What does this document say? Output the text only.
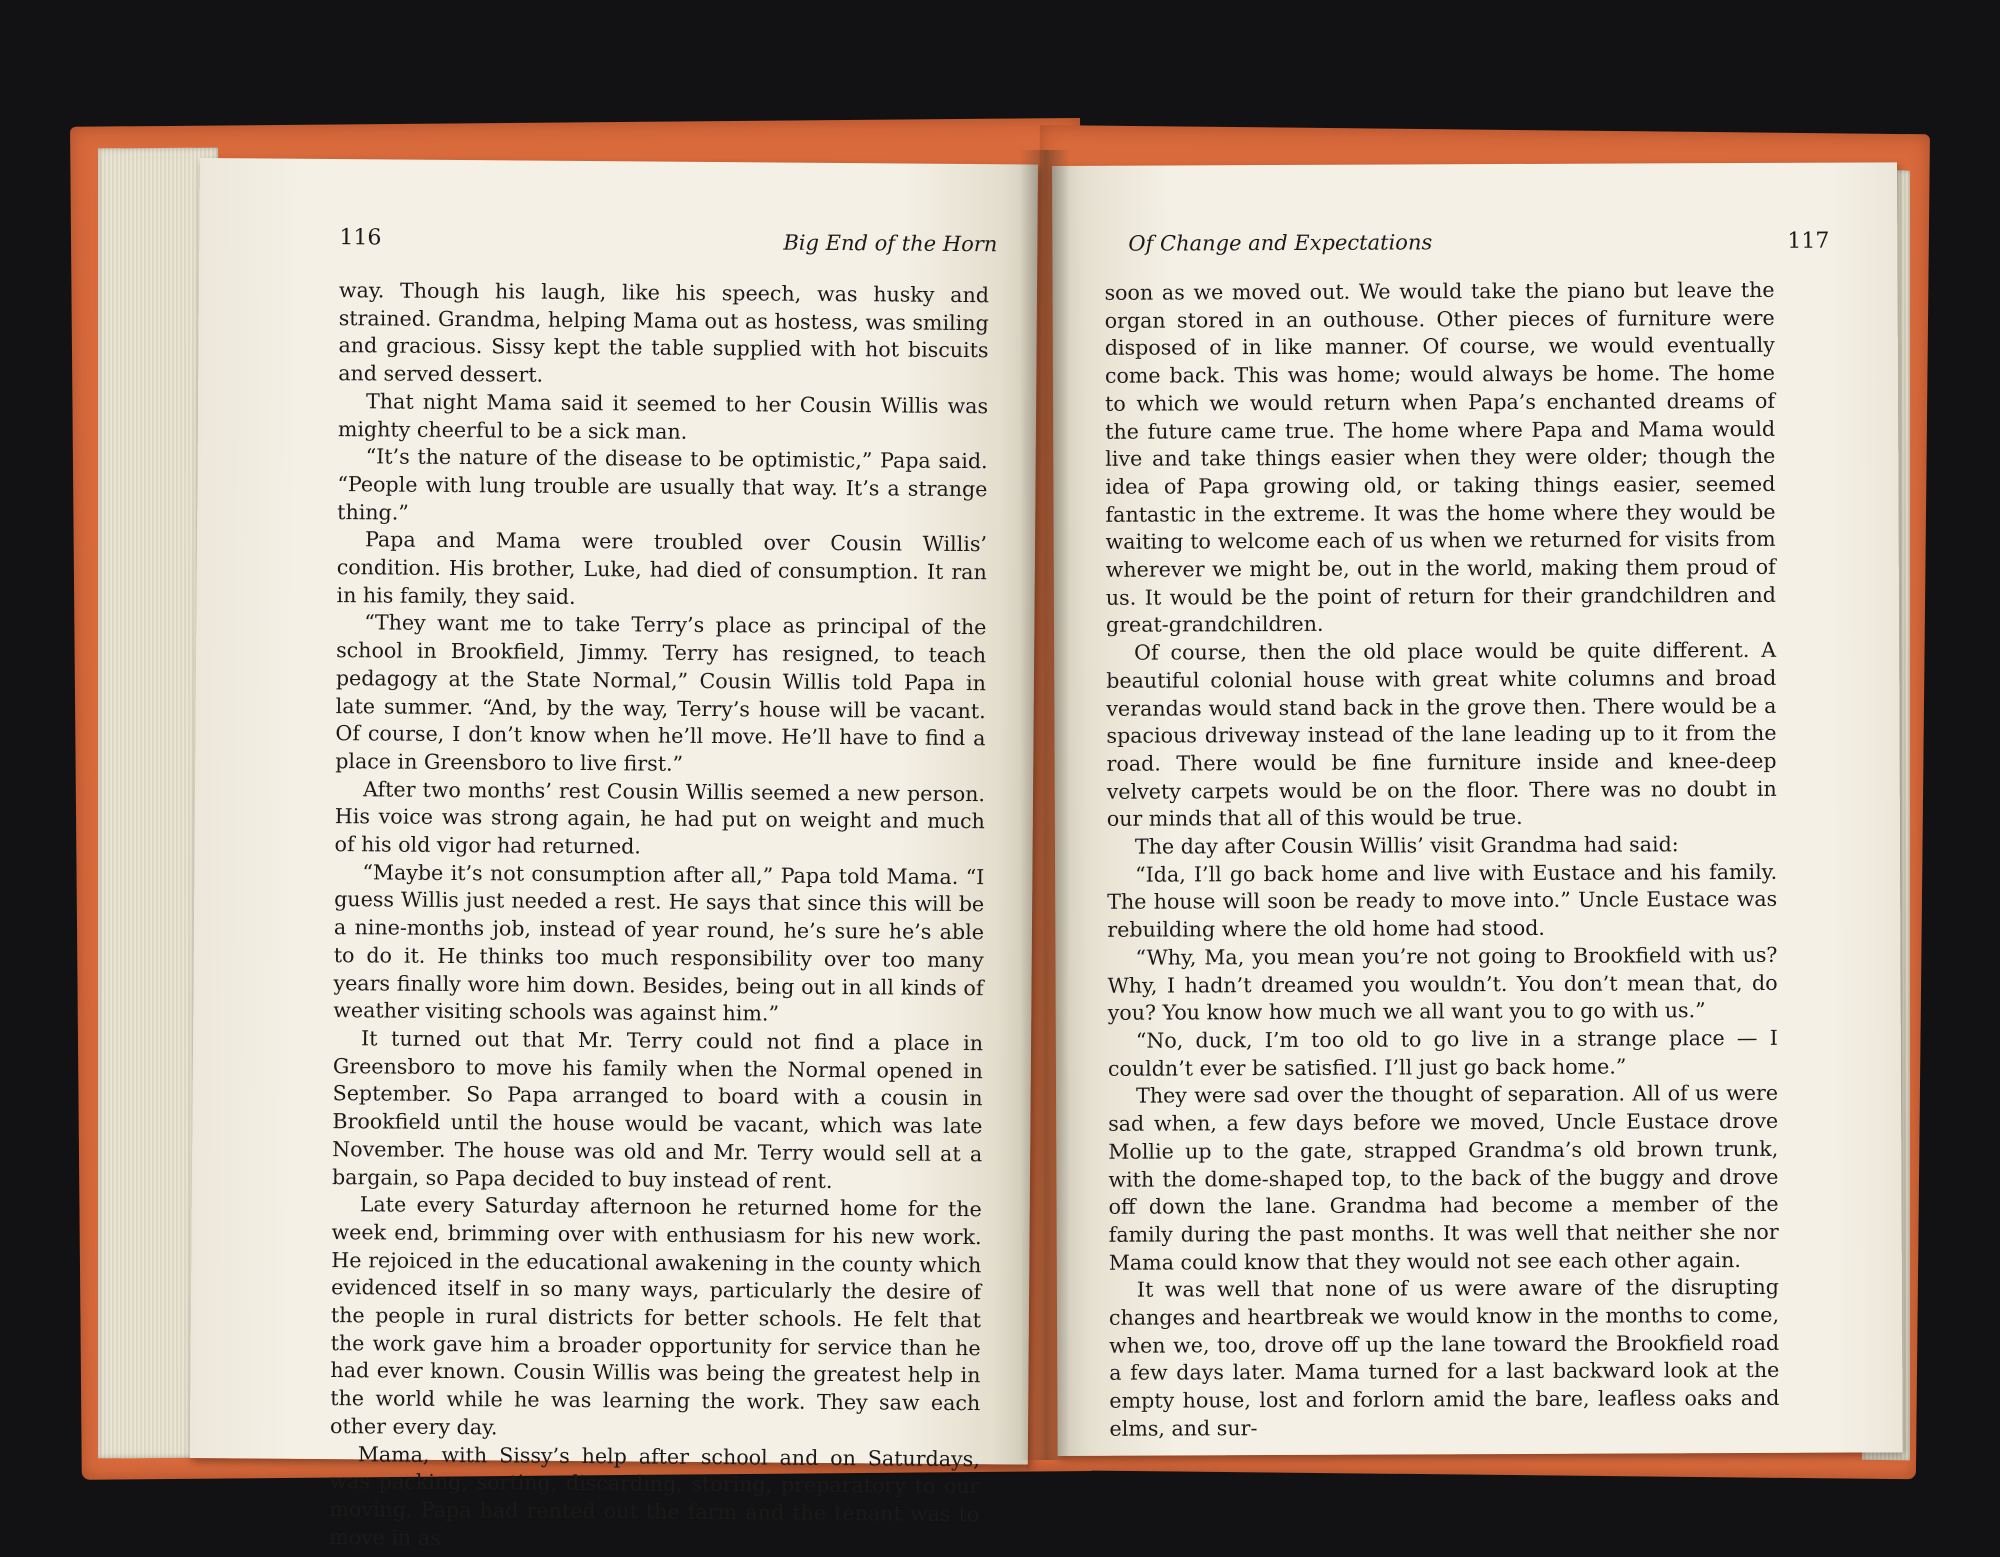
116	Big End of the Horn

way. Though his laugh, like his speech, was husky and strained. Grandma, helping Mama out as hostess, was smiling and gracious. Sissy kept the table supplied with hot biscuits and served dessert.

That night Mama said it seemed to her Cousin Willis was mighty cheerful to be a sick man.

“It’s the nature of the disease to be optimistic,” Papa said. “People with lung trouble are usually that way. It’s a strange thing.”

Papa and Mama were troubled over Cousin Willis’ condition. His brother, Luke, had died of consumption. It ran in his family, they said.

“They want me to take Terry’s place as principal of the school in Brookfield, Jimmy. Terry has resigned, to teach pedagogy at the State Normal,” Cousin Willis told Papa in late summer. “And, by the way, Terry’s house will be vacant. Of course, I don’t know when he’ll move. He’ll have to find a place in Greensboro to live first.”

After two months’ rest Cousin Willis seemed a new person. His voice was strong again, he had put on weight and much of his old vigor had returned.

“Maybe it’s not consumption after all,” Papa told Mama. “I guess Willis just needed a rest. He says that since this will be a nine-months job, instead of year round, he’s sure he’s able to do it. He thinks too much responsibility over too many years finally wore him down. Besides, being out in all kinds of weather visiting schools was against him.”

It turned out that Mr. Terry could not find a place in Greensboro to move his family when the Normal opened in September. So Papa arranged to board with a cousin in Brookfield until the house would be vacant, which was late November. The house was old and Mr. Terry would sell at a bargain, so Papa decided to buy instead of rent.

Late every Saturday afternoon he returned home for the week end, brimming over with enthusiasm for his new work. He rejoiced in the educational awakening in the county which evidenced itself in so many ways, particularly the desire of the people in rural districts for better schools. He felt that the work gave him a broader opportunity for service than he had ever known. Cousin Willis was being the greatest help in the world while he was learning the work. They saw each other every day.

Mama, with Sissy’s help after school and on Saturdays, was packing, sorting, discarding, storing, preparatory to our moving. Papa had rented out the farm and the tenant was to move in as

Of Change and Expectations	117

soon as we moved out. We would take the piano but leave the organ stored in an outhouse. Other pieces of furniture were disposed of in like manner. Of course, we would eventually come back. This was home; would always be home. The home to which we would return when Papa’s enchanted dreams of the future came true. The home where Papa and Mama would live and take things easier when they were older; though the idea of Papa growing old, or taking things easier, seemed fantastic in the extreme. It was the home where they would be waiting to welcome each of us when we returned for visits from wherever we might be, out in the world, making them proud of us. It would be the point of return for their grandchildren and great-grandchildren.

Of course, then the old place would be quite different. A beautiful colonial house with great white columns and broad verandas would stand back in the grove then. There would be a spacious driveway instead of the lane leading up to it from the road. There would be fine furniture inside and knee-deep velvety carpets would be on the floor. There was no doubt in our minds that all of this would be true.

The day after Cousin Willis’ visit Grandma had said:

“Ida, I’ll go back home and live with Eustace and his family. The house will soon be ready to move into.” Uncle Eustace was rebuilding where the old home had stood.

“Why, Ma, you mean you’re not going to Brookfield with us? Why, I hadn’t dreamed you wouldn’t. You don’t mean that, do you? You know how much we all want you to go with us.”

“No, duck, I’m too old to go live in a strange place — I couldn’t ever be satisfied. I’ll just go back home.”

They were sad over the thought of separation. All of us were sad when, a few days before we moved, Uncle Eustace drove Mollie up to the gate, strapped Grandma’s old brown trunk, with the dome-shaped top, to the back of the buggy and drove off down the lane. Grandma had become a member of the family during the past months. It was well that neither she nor Mama could know that they would not see each other again.

It was well that none of us were aware of the disrupting changes and heartbreak we would know in the months to come, when we, too, drove off up the lane toward the Brookfield road a few days later. Mama turned for a last backward look at the empty house, lost and forlorn amid the bare, leafless oaks and elms, and sur-
